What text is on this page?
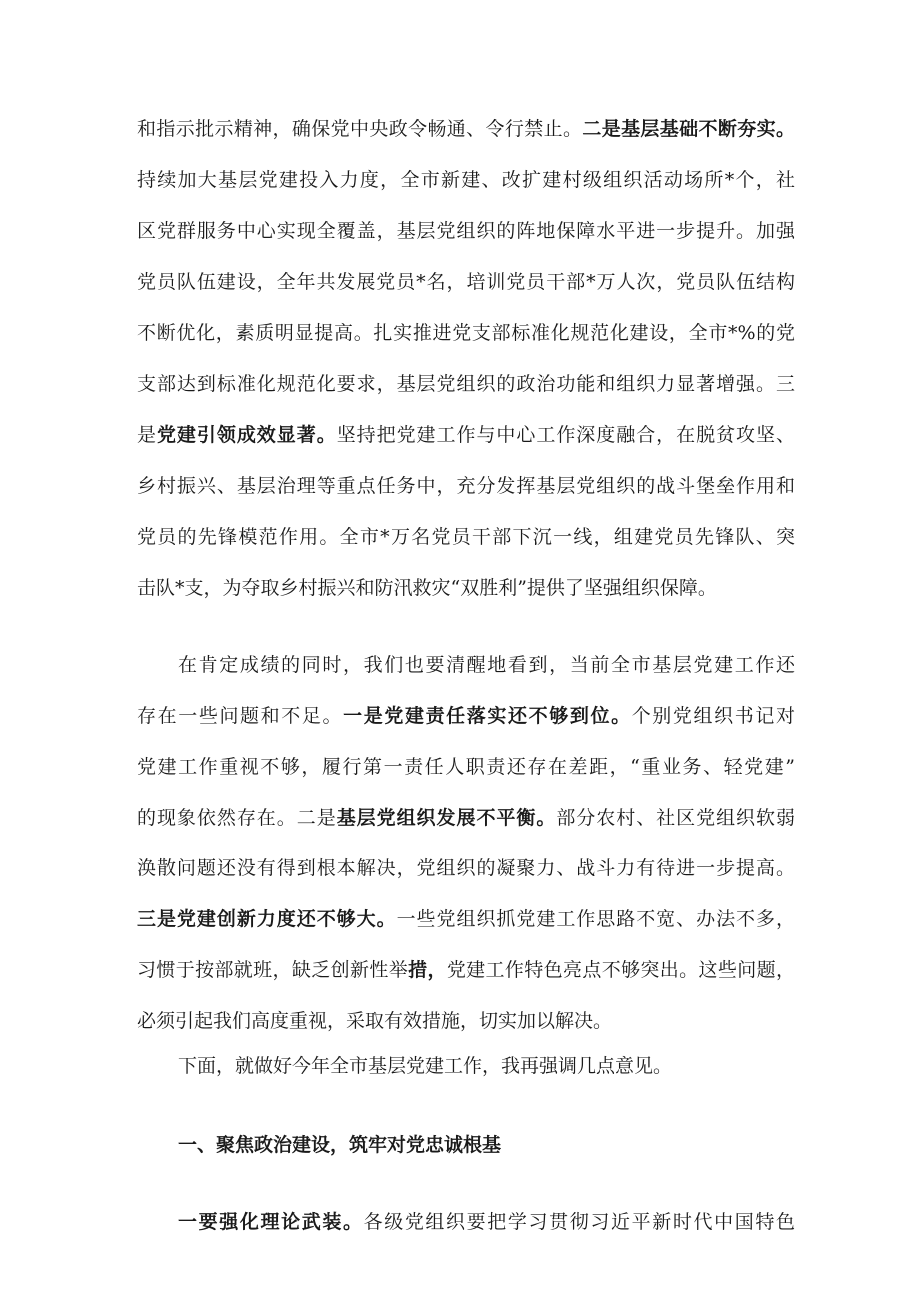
和指示批示精神，确保党中央政令畅通、令行禁止。二是基层基础不断夯实。
持续加大基层党建投入力度，全市新建、改扩建村级组织活动场所*个，社
区党群服务中心实现全覆盖，基层党组织的阵地保障水平进一步提升。加强
党员队伍建设，全年共发展党员*名，培训党员干部*万人次，党员队伍结构
不断优化，素质明显提高。扎实推进党支部标准化规范化建设，全市*%的党
支部达到标准化规范化要求，基层党组织的政治功能和组织力显著增强。三
是党建引领成效显著。坚持把党建工作与中心工作深度融合，在脱贫攻坚、
乡村振兴、基层治理等重点任务中，充分发挥基层党组织的战斗堡垒作用和
党员的先锋模范作用。全市*万名党员干部下沉一线，组建党员先锋队、突
击队*支，为夺取乡村振兴和防汛救灾“双胜利”提供了坚强组织保障。
在肯定成绩的同时，我们也要清醒地看到，当前全市基层党建工作还
存在一些问题和不足。一是党建责任落实还不够到位。个别党组织书记对
党建工作重视不够，履行第一责任人职责还存在差距，“重业务、轻党建”
的现象依然存在。二是基层党组织发展不平衡。部分农村、社区党组织软弱
涣散问题还没有得到根本解决，党组织的凝聚力、战斗力有待进一步提高。
三是党建创新力度还不够大。一些党组织抓党建工作思路不宽、办法不多，
习惯于按部就班，缺乏创新性举措，党建工作特色亮点不够突出。这些问题，
必须引起我们高度重视，采取有效措施，切实加以解决。
下面，就做好今年全市基层党建工作，我再强调几点意见。
一、聚焦政治建设，筑牢对党忠诚根基
一要强化理论武装。各级党组织要把学习贯彻习近平新时代中国特色
